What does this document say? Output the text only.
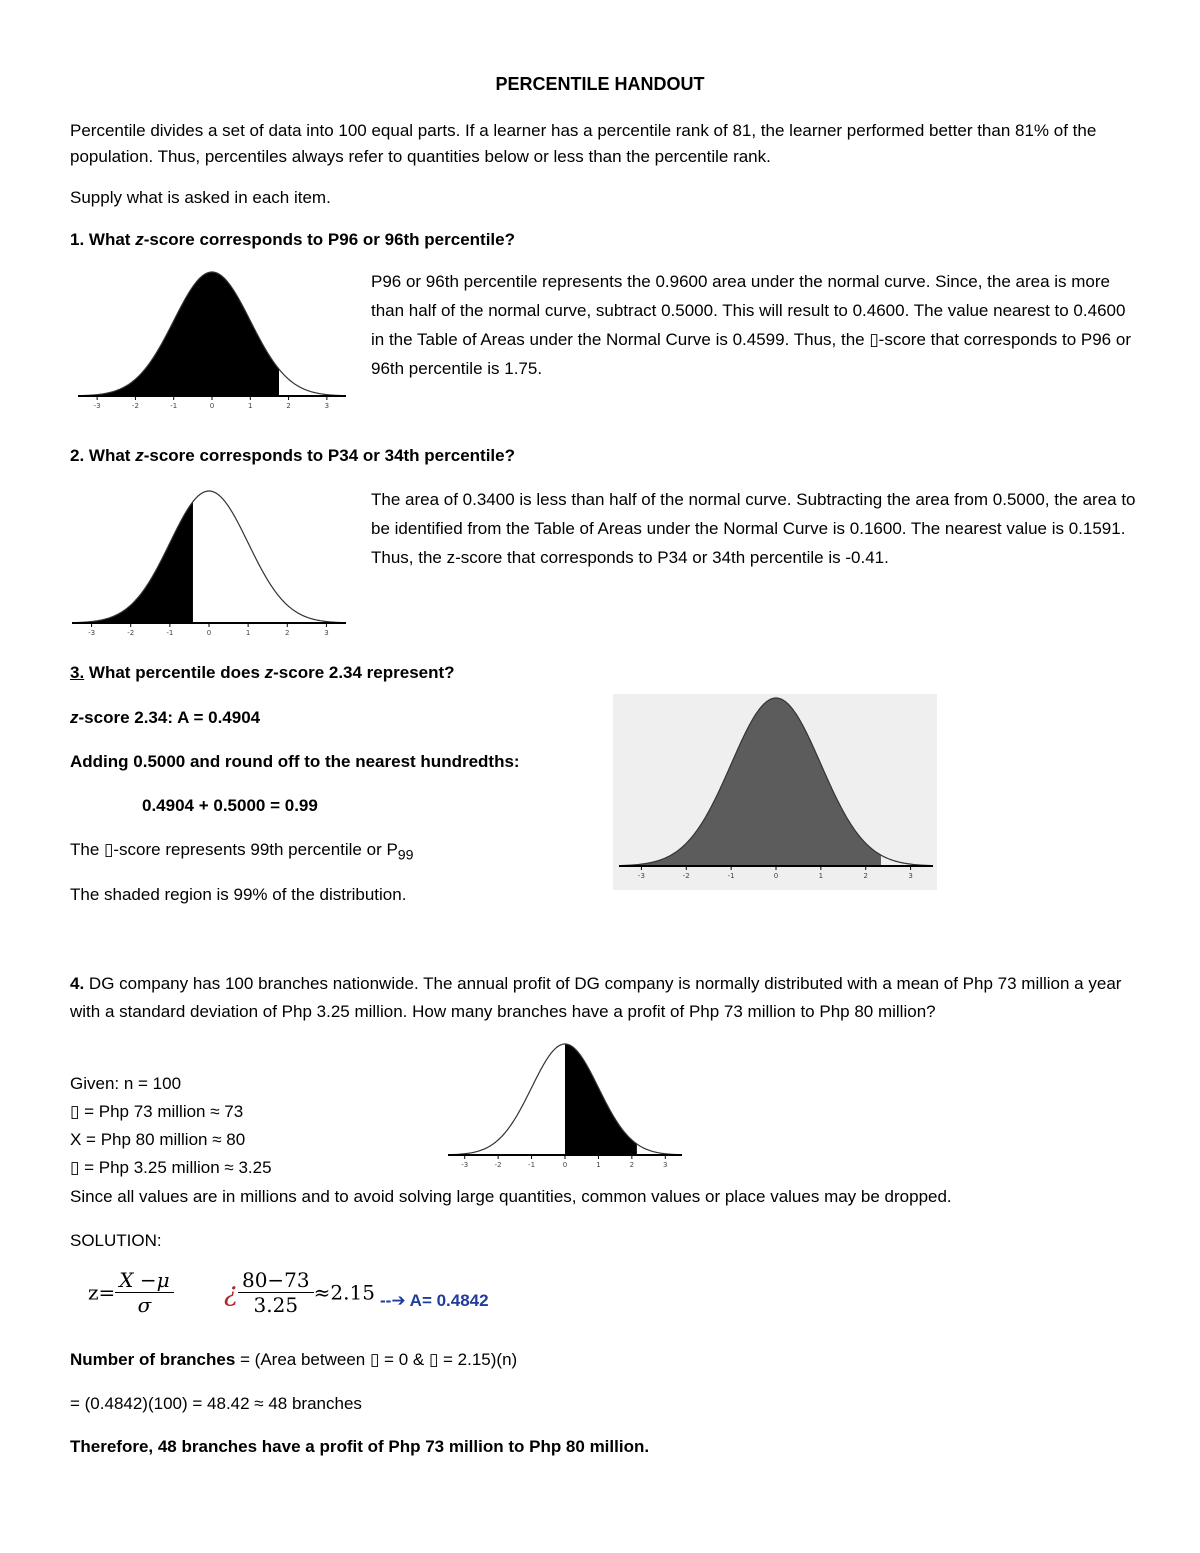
PERCENTILE HANDOUT
Percentile divides a set of data into 100 equal parts. If a learner has a percentile rank of 81, the learner performed better than 81% of the population. Thus, percentiles always refer to quantities below or less than the percentile rank.
Supply what is asked in each item.
1. What z-score corresponds to P96 or 96th percentile?
-3	-2	-1	0	1	2	3
P96 or 96th percentile represents the 0.9600 area under the normal curve. Since, the area is more than half of the normal curve, subtract 0.5000. This will result to 0.4600. The value nearest to 0.4600 in the Table of Areas under the Normal Curve is 0.4599. Thus, the ▯-score that corresponds to P96 or 96th percentile is 1.75.
2. What z-score corresponds to P34 or 34th percentile?
-3	-2	-1	0	1	2	3
The area of 0.3400 is less than half of the normal curve. Subtracting the area from 0.5000, the area to be identified from the Table of Areas under the Normal Curve is 0.1600. The nearest value is 0.1591. Thus, the z-score that corresponds to P34 or 34th percentile is -0.41.
3. What percentile does z-score 2.34 represent?
z-score 2.34: A = 0.4904
Adding 0.5000 and round off to the nearest hundredths:
0.4904 + 0.5000 = 0.99
The ▯-score represents 99th percentile or $P_{99}$
The shaded region is 99% of the distribution.
-3	-2	-1	0	1	2	3
4. DG company has 100 branches nationwide. The annual profit of DG company is normally distributed with a mean of Php 73 million a year with a standard deviation of Php 3.25 million. How many branches have a profit of Php 73 million to Php 80 million?
Given: n = 100
▯ = Php 73 million ≈ 73
X = Php 80 million ≈ 80
▯ = Php 3.25 million ≈ 3.25	-3	-2	-1	0	1	2	3
Since all values are in millions and to avoid solving large quantities, common values or place values may be dropped.
SOLUTION:
$z= \frac{X -\mu}{\sigma}$ ¿ $\frac{80-73}{3.25} \approx 2.15$ --➔ A= 0.4842
Number of branches = (Area between ▯ = 0 & ▯ = 2.15)(n)
= (0.4842)(100) = 48.42 ≈ 48 branches
Therefore, 48 branches have a profit of Php 73 million to Php 80 million.
